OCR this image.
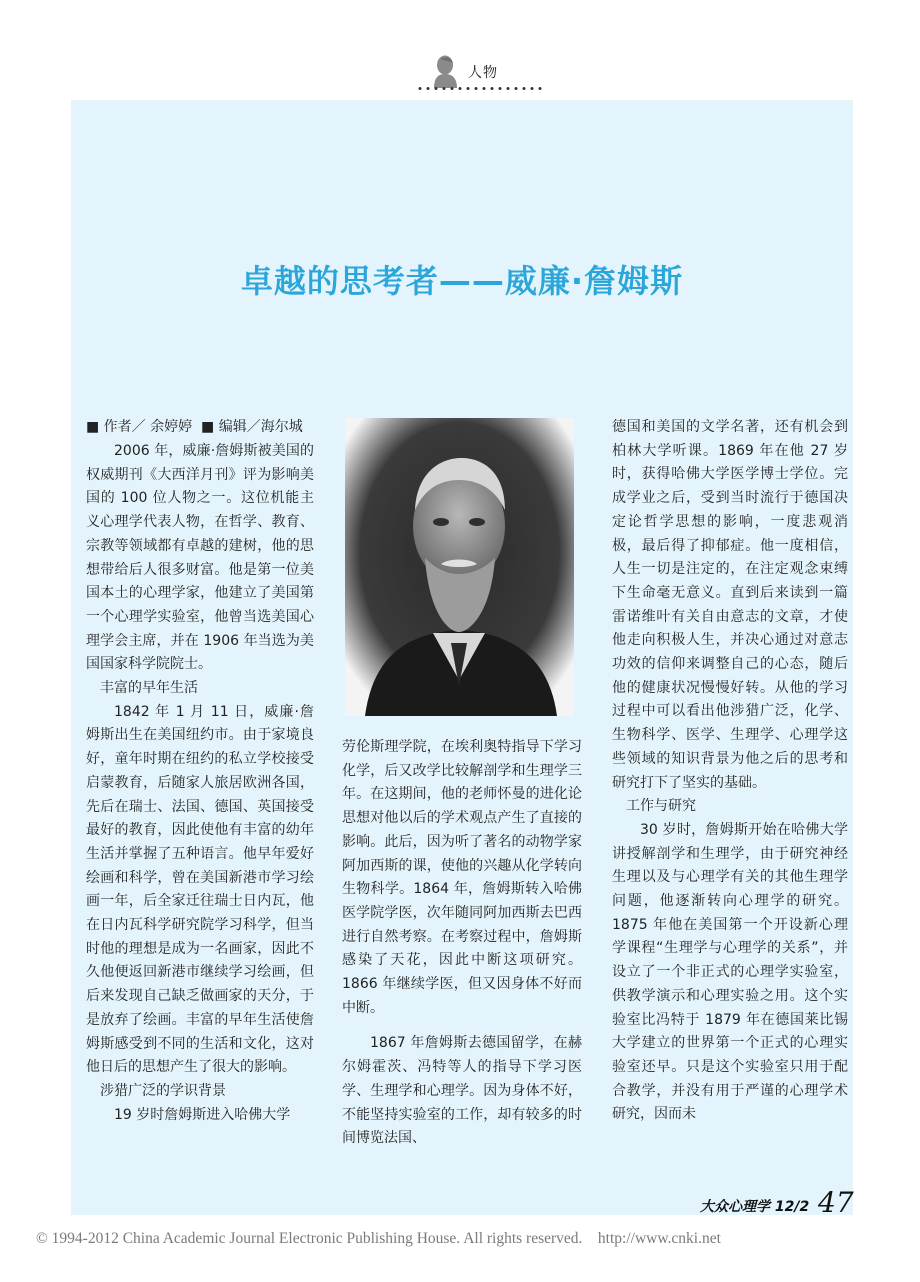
人物
卓越的思考者——威廉·詹姆斯
■ 作者／ 余婷婷  ■ 编辑／海尔城

2006 年，威廉·詹姆斯被美国的权威期刊《大西洋月刊》评为影响美国的 100 位人物之一。这位机能主义心理学代表人物，在哲学、教育、宗教等领域都有卓越的建树，他的思想带给后人很多财富。他是第一位美国本土的心理学家，他建立了美国第一个心理学实验室，他曾当选美国心理学会主席，并在 1906 年当选为美国国家科学院院士。

丰富的早年生活

1842 年 1 月 11 日，威廉·詹姆斯出生在美国纽约市。由于家境良好，童年时期在纽约的私立学校接受启蒙教育，后随家人旅居欧洲各国，先后在瑞士、法国、德国、英国接受最好的教育，因此使他有丰富的幼年生活并掌握了五种语言。他早年爱好绘画和科学，曾在美国新港市学习绘画一年，后全家迁往瑞士日内瓦，他在日内瓦科学研究院学习科学，但当时他的理想是成为一名画家，因此不久他便返回新港市继续学习绘画，但后来发现自己缺乏做画家的天分，于是放弃了绘画。丰富的早年生活使詹姆斯感受到不同的生活和文化，这对他日后的思想产生了很大的影响。

涉猎广泛的学识背景

19 岁时詹姆斯进入哈佛大学

劳伦斯理学院，在埃利奥特指导下学习化学，后又改学比较解剖学和生理学三年。在这期间，他的老师怀曼的进化论思想对他以后的学术观点产生了直接的影响。此后，因为听了著名的动物学家阿加西斯的课，使他的兴趣从化学转向生物科学。1864 年，詹姆斯转入哈佛医学院学医，次年随同阿加西斯去巴西进行自然考察。在考察过程中，詹姆斯感染了天花，因此中断这项研究。1866 年继续学医，但又因身体不好而中断。

1867 年詹姆斯去德国留学，在赫尔姆霍茨、冯特等人的指导下学习医学、生理学和心理学。因为身体不好，不能坚持实验室的工作，却有较多的时间博览法国、

德国和美国的文学名著，还有机会到柏林大学听课。1869 年在他 27 岁时，获得哈佛大学医学博士学位。完成学业之后，受到当时流行于德国决定论哲学思想的影响，一度悲观消极，最后得了抑郁症。他一度相信，人生一切是注定的，在注定观念束缚下生命毫无意义。直到后来读到一篇雷诺维叶有关自由意志的文章，才使他走向积极人生，并决心通过对意志功效的信仰来调整自己的心态，随后他的健康状况慢慢好转。从他的学习过程中可以看出他涉猎广泛，化学、生物科学、医学、生理学、心理学这些领域的知识背景为他之后的思考和研究打下了坚实的基础。

工作与研究

30 岁时，詹姆斯开始在哈佛大学讲授解剖学和生理学，由于研究神经生理以及与心理学有关的其他生理学问题，他逐渐转向心理学的研究。1875 年他在美国第一个开设新心理学课程“生理学与心理学的关系”，并设立了一个非正式的心理学实验室，供教学演示和心理实验之用。这个实验室比冯特于 1879 年在德国莱比锡大学建立的世界第一个正式的心理实验室还早。只是这个实验室只用于配合教学，并没有用于严谨的心理学术研究，因而未

大众心理学 12/2 47
© 1994-2012 China Academic Journal Electronic Publishing House. All rights reserved.    http://www.cnki.net
